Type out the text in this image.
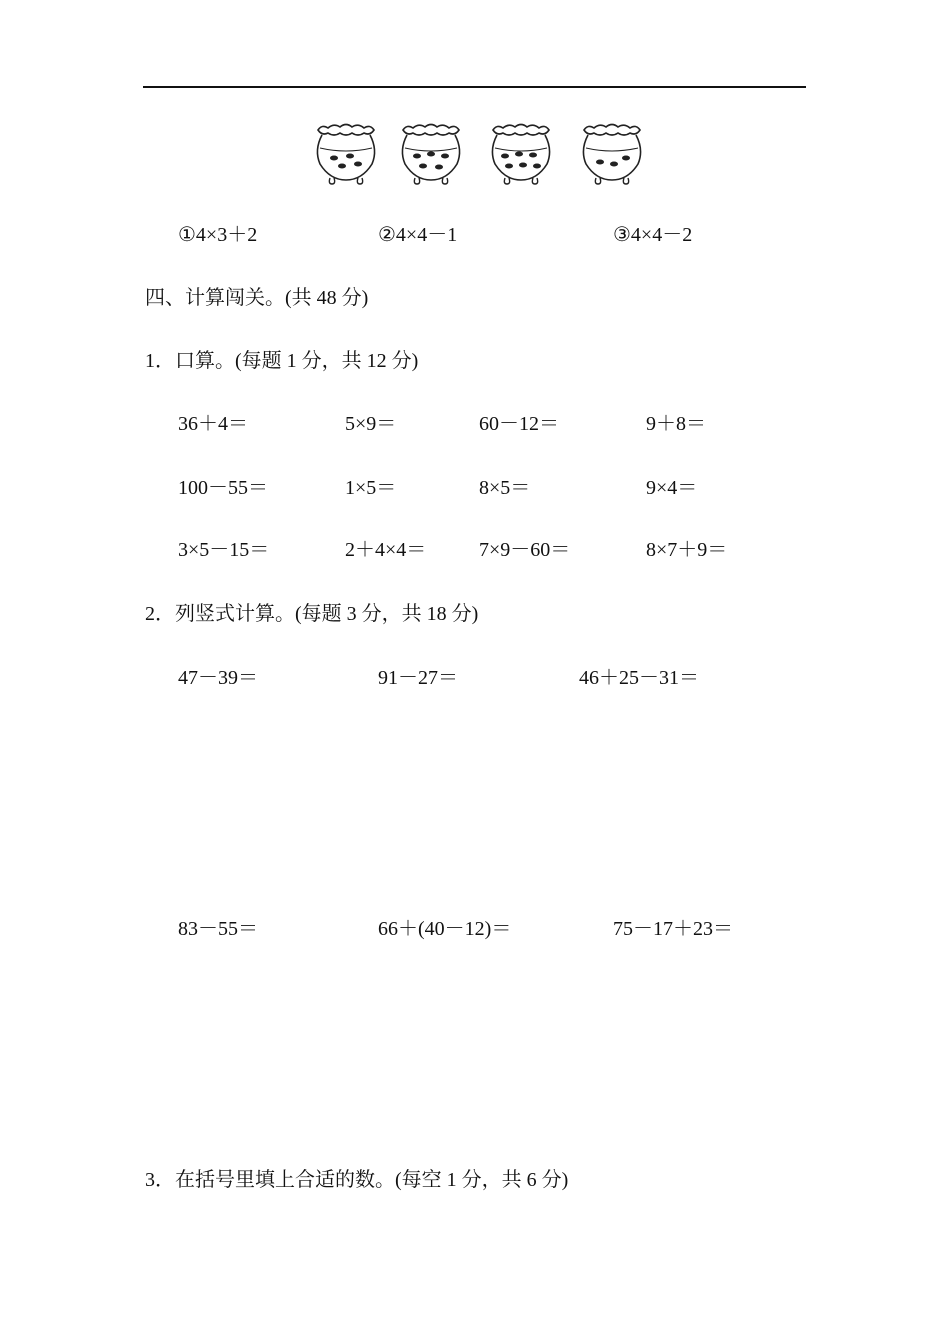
①4×3＋2	②4×4－1	③4×4－2
四、计算闯关。(共 48 分)
1．口算。(每题 1 分，共 12 分)
36＋4＝	5×9＝	60－12＝	9＋8＝
100－55＝	1×5＝	8×5＝	9×4＝
3×5－15＝	2＋4×4＝	7×9－60＝	8×7＋9＝
2．列竖式计算。(每题 3 分，共 18 分)
47－39＝	91－27＝	46＋25－31＝
83－55＝	66＋(40－12)＝	75－17＋23＝
3．在括号里填上合适的数。(每空 1 分，共 6 分)
